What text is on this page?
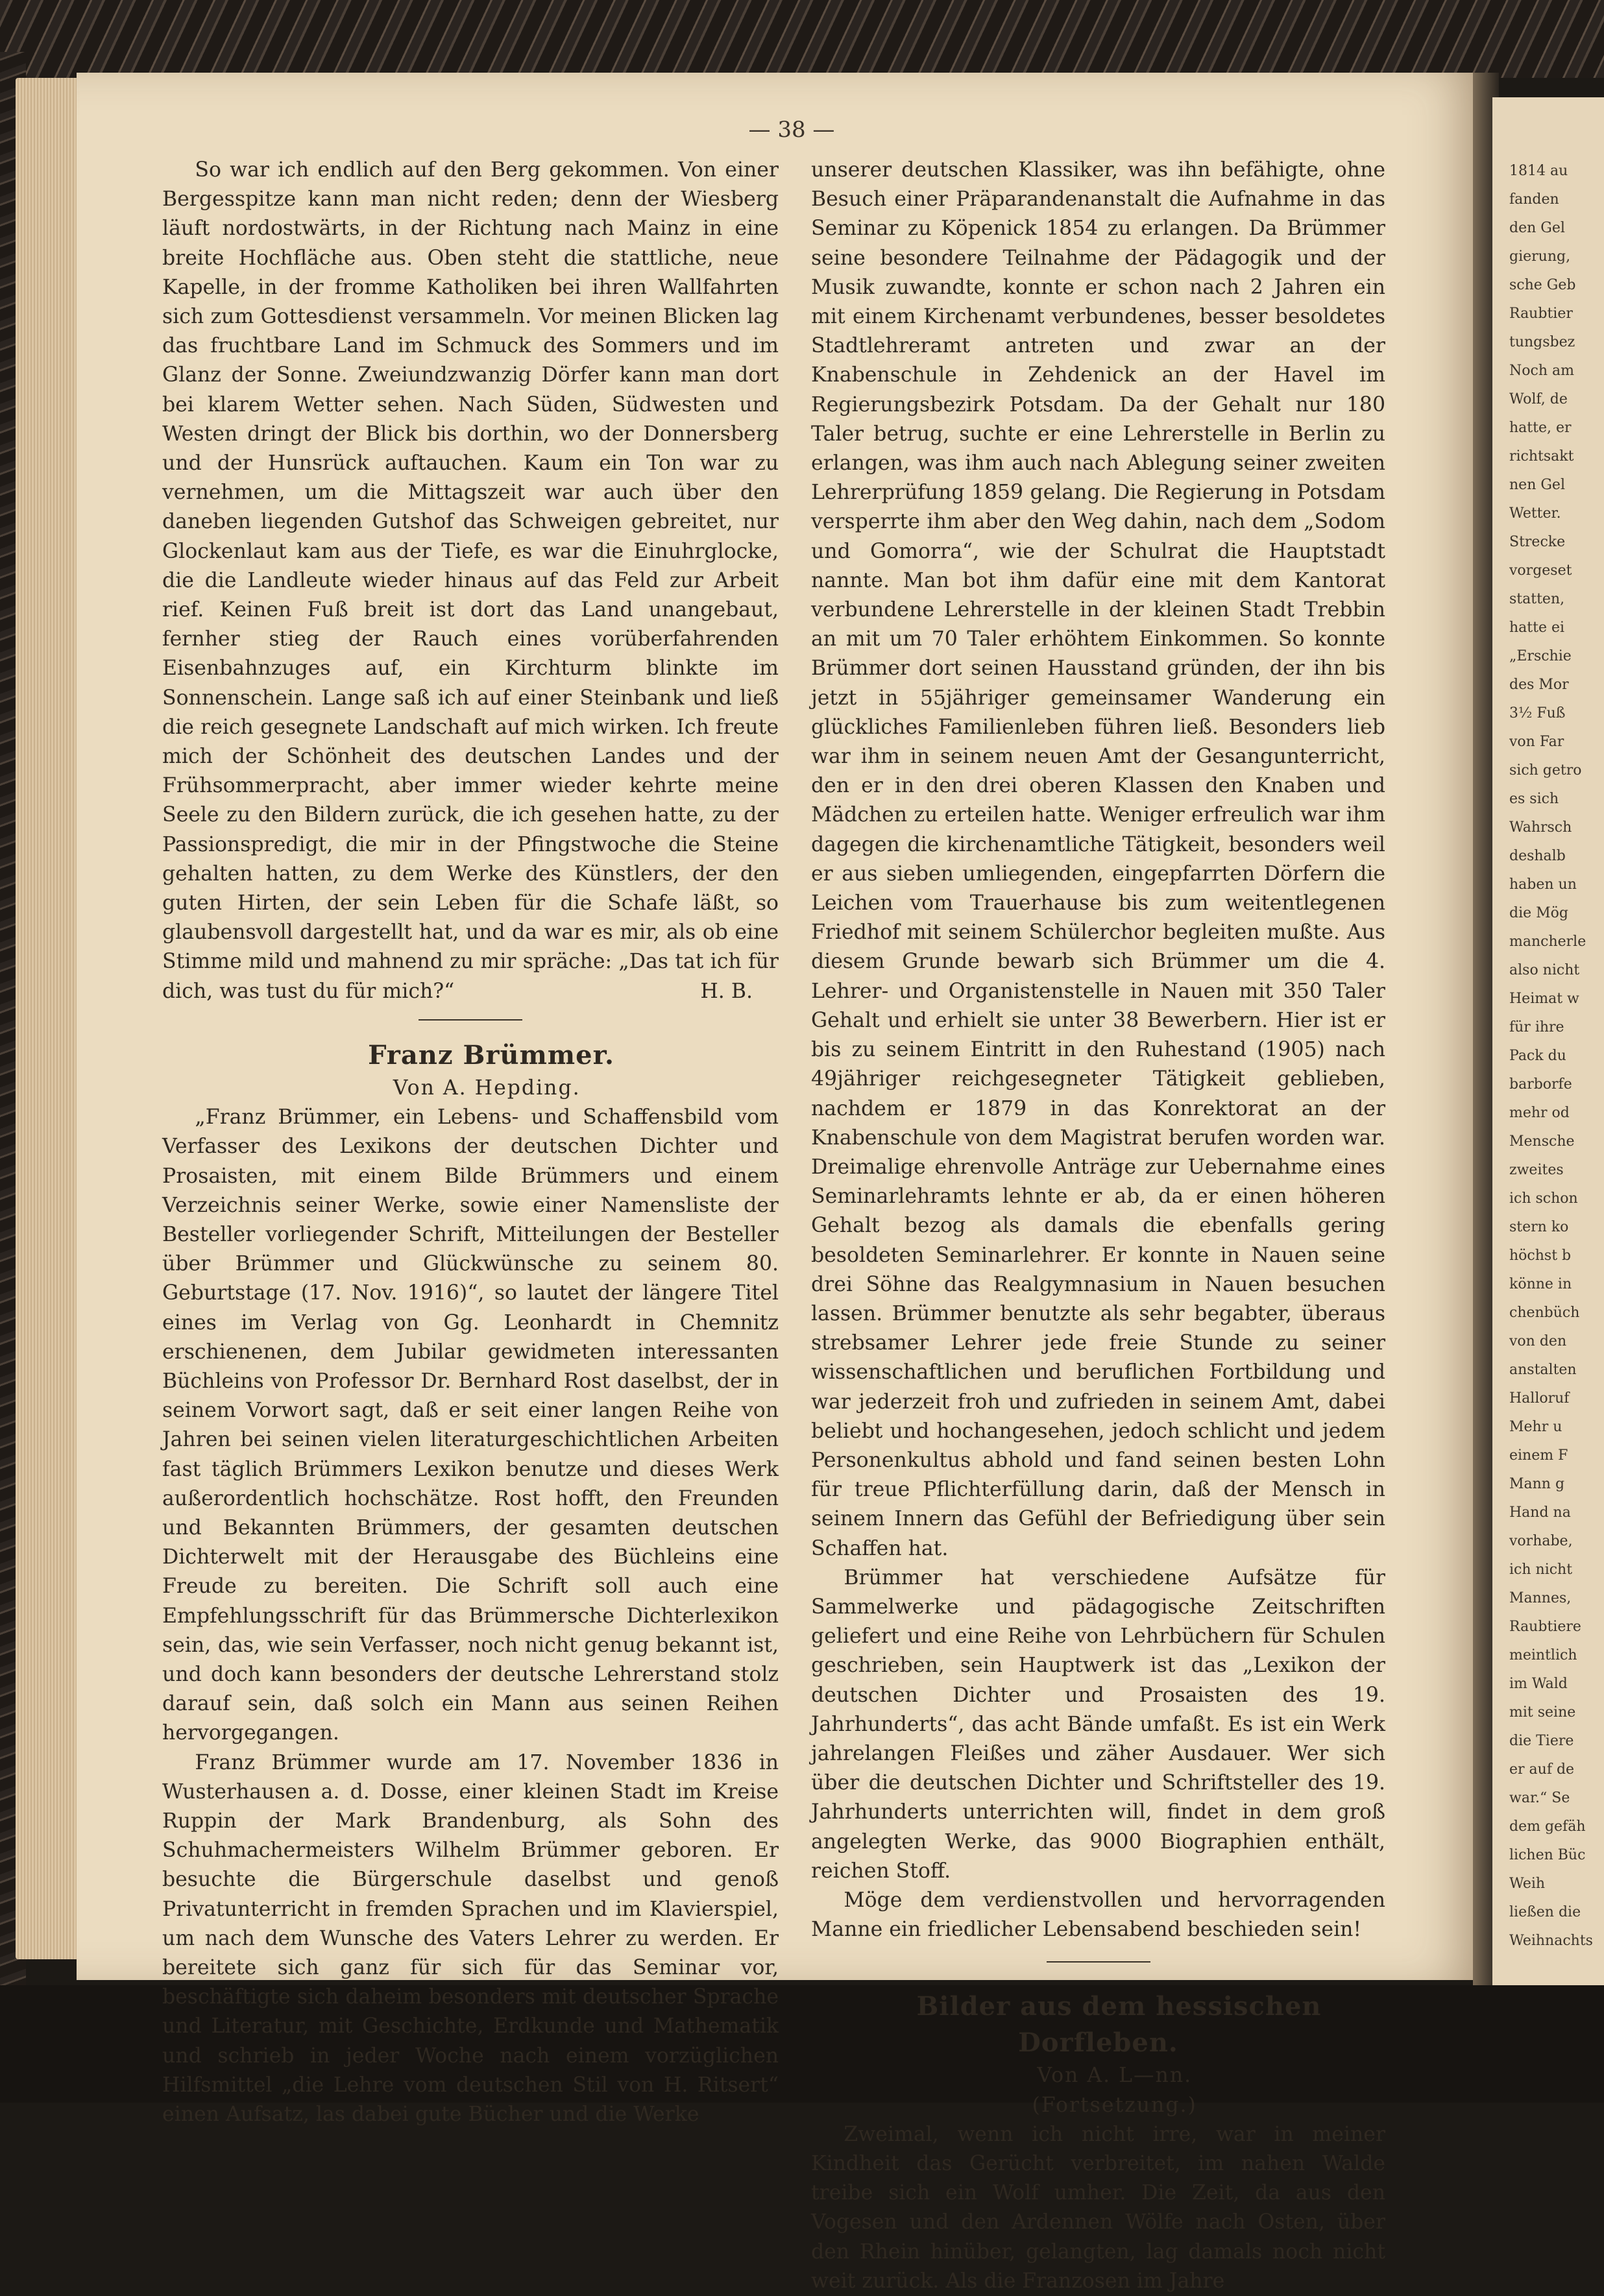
1814 au
fanden
den Gel
gierung,
sche Geb
Raubtier
tungsbez
Noch am
Wolf, de
hatte, er
richtsakt
nen Gel
Wetter.
Strecke
vorgeset
statten,
hatte ei
„Erschie
des Mor
3½ Fuß
von Far
sich getro
es sich
Wahrsch
deshalb
haben un
die Mög
mancherle
also nicht
Heimat w
für ihre
Pack du
barborfe
mehr od
Mensche
zweites
ich schon
stern ko
höchst b
könne in
chenbüch
von den
anstalten
Halloruf
Mehr u
einem F
Mann g
Hand na
vorhabe,
ich nicht
Mannes,
Raubtiere
meintlich
im Wald
mit seine
die Tiere
er auf de
war.“ Se
dem gefäh
lichen Büc
Weih
ließen die
Weihnachts
— 38 —

So war ich endlich auf den Berg gekommen. Von einer Bergesspitze kann man nicht reden; denn der Wiesberg läuft nordostwärts, in der Richtung nach Mainz in eine breite Hochfläche aus. Oben steht die stattliche, neue Kapelle, in der fromme Katholiken bei ihren Wallfahrten sich zum Gottesdienst versammeln. Vor meinen Blicken lag das fruchtbare Land im Schmuck des Sommers und im Glanz der Sonne. Zweiundzwanzig Dörfer kann man dort bei klarem Wetter sehen. Nach Süden, Südwesten und Westen dringt der Blick bis dorthin, wo der Donnersberg und der Hunsrück auftauchen. Kaum ein Ton war zu vernehmen, um die Mittagszeit war auch über den daneben liegenden Gutshof das Schweigen gebreitet, nur Glockenlaut kam aus der Tiefe, es war die Einuhrglocke, die die Landleute wieder hinaus auf das Feld zur Arbeit rief. Keinen Fuß breit ist dort das Land unangebaut, fernher stieg der Rauch eines vorüberfahrenden Eisenbahnzuges auf, ein Kirchturm blinkte im Sonnenschein. Lange saß ich auf einer Steinbank und ließ die reich gesegnete Landschaft auf mich wirken. Ich freute mich der Schönheit des deutschen Landes und der Frühsommerpracht, aber immer wieder kehrte meine Seele zu den Bildern zurück, die ich gesehen hatte, zu der Passionspredigt, die mir in der Pfingstwoche die Steine gehalten hatten, zu dem Werke des Künstlers, der den guten Hirten, der sein Leben für die Schafe läßt, so glaubensvoll dargestellt hat, und da war es mir, als ob eine Stimme mild und mahnend zu mir spräche: „Das tat ich für dich, was tust du für mich?“	H. B.

Franz Brümmer.

Von A. Hepding.

„Franz Brümmer, ein Lebens- und Schaffensbild vom Verfasser des Lexikons der deutschen Dichter und Prosaisten, mit einem Bilde Brümmers und einem Verzeichnis seiner Werke, sowie einer Namensliste der Besteller vorliegender Schrift, Mitteilungen der Besteller über Brümmer und Glückwünsche zu seinem 80. Geburtstage (17. Nov. 1916)“, so lautet der längere Titel eines im Verlag von Gg. Leonhardt in Chemnitz erschienenen, dem Jubilar gewidmeten interessanten Büchleins von Professor Dr. Bernhard Rost daselbst, der in seinem Vorwort sagt, daß er seit einer langen Reihe von Jahren bei seinen vielen literaturgeschichtlichen Arbeiten fast täglich Brümmers Lexikon benutze und dieses Werk außerordentlich hochschätze. Rost hofft, den Freunden und Bekannten Brümmers, der gesamten deutschen Dichterwelt mit der Herausgabe des Büchleins eine Freude zu bereiten. Die Schrift soll auch eine Empfehlungsschrift für das Brümmersche Dichterlexikon sein, das, wie sein Verfasser, noch nicht genug bekannt ist, und doch kann besonders der deutsche Lehrerstand stolz darauf sein, daß solch ein Mann aus seinen Reihen hervorgegangen.

Franz Brümmer wurde am 17. November 1836 in Wusterhausen a. d. Dosse, einer kleinen Stadt im Kreise Ruppin der Mark Brandenburg, als Sohn des Schuhmachermeisters Wilhelm Brümmer geboren. Er besuchte die Bürgerschule daselbst und genoß Privatunterricht in fremden Sprachen und im Klavierspiel, um nach dem Wunsche des Vaters Lehrer zu werden. Er bereitete sich ganz für sich für das Seminar vor, beschäftigte sich daheim besonders mit deutscher Sprache und Literatur, mit Geschichte, Erdkunde und Mathematik und schrieb in jeder Woche nach einem vorzüglichen Hilfsmittel „die Lehre vom deutschen Stil von H. Ritsert“ einen Aufsatz, las dabei gute Bücher und die Werke

unserer deutschen Klassiker, was ihn befähigte, ohne Besuch einer Präparandenanstalt die Aufnahme in das Seminar zu Köpenick 1854 zu erlangen. Da Brümmer seine besondere Teilnahme der Pädagogik und der Musik zuwandte, konnte er schon nach 2 Jahren ein mit einem Kirchenamt verbundenes, besser besoldetes Stadtlehreramt antreten und zwar an der Knabenschule in Zehdenick an der Havel im Regierungsbezirk Potsdam. Da der Gehalt nur 180 Taler betrug, suchte er eine Lehrerstelle in Berlin zu erlangen, was ihm auch nach Ablegung seiner zweiten Lehrerprüfung 1859 gelang. Die Regierung in Potsdam versperrte ihm aber den Weg dahin, nach dem „Sodom und Gomorra“, wie der Schulrat die Hauptstadt nannte. Man bot ihm dafür eine mit dem Kantorat verbundene Lehrerstelle in der kleinen Stadt Trebbin an mit um 70 Taler erhöhtem Einkommen. So konnte Brümmer dort seinen Hausstand gründen, der ihn bis jetzt in 55jähriger gemeinsamer Wanderung ein glückliches Familienleben führen ließ. Besonders lieb war ihm in seinem neuen Amt der Gesangunterricht, den er in den drei oberen Klassen den Knaben und Mädchen zu erteilen hatte. Weniger erfreulich war ihm dagegen die kirchenamtliche Tätigkeit, besonders weil er aus sieben umliegenden, eingepfarrten Dörfern die Leichen vom Trauerhause bis zum weitentlegenen Friedhof mit seinem Schülerchor begleiten mußte. Aus diesem Grunde bewarb sich Brümmer um die 4. Lehrer- und Organistenstelle in Nauen mit 350 Taler Gehalt und erhielt sie unter 38 Bewerbern. Hier ist er bis zu seinem Eintritt in den Ruhestand (1905) nach 49jähriger reichgesegneter Tätigkeit geblieben, nachdem er 1879 in das Konrektorat an der Knabenschule von dem Magistrat berufen worden war. Dreimalige ehrenvolle Anträge zur Uebernahme eines Seminarlehramts lehnte er ab, da er einen höheren Gehalt bezog als damals die ebenfalls gering besoldeten Seminarlehrer. Er konnte in Nauen seine drei Söhne das Realgymnasium in Nauen besuchen lassen. Brümmer benutzte als sehr begabter, überaus strebsamer Lehrer jede freie Stunde zu seiner wissenschaftlichen und beruflichen Fortbildung und war jederzeit froh und zufrieden in seinem Amt, dabei beliebt und hochangesehen, jedoch schlicht und jedem Personenkultus abhold und fand seinen besten Lohn für treue Pflichterfüllung darin, daß der Mensch in seinem Innern das Gefühl der Befriedigung über sein Schaffen hat.

Brümmer hat verschiedene Aufsätze für Sammelwerke und pädagogische Zeitschriften geliefert und eine Reihe von Lehrbüchern für Schulen geschrieben, sein Hauptwerk ist das „Lexikon der deutschen Dichter und Prosaisten des 19. Jahrhunderts“, das acht Bände umfaßt. Es ist ein Werk jahrelangen Fleißes und zäher Ausdauer. Wer sich über die deutschen Dichter und Schriftsteller des 19. Jahrhunderts unterrichten will, findet in dem groß angelegten Werke, das 9000 Biographien enthält, reichen Stoff.

Möge dem verdienstvollen und hervorragenden Manne ein friedlicher Lebensabend beschieden sein!

Bilder aus dem hessischen Dorfleben.

Von A. L—nn.

(Fortsetzung.)

Zweimal, wenn ich nicht irre, war in meiner Kindheit das Gerücht verbreitet, im nahen Walde treibe sich ein Wolf umher. Die Zeit, da aus den Vogesen und den Ardennen Wölfe nach Osten, über den Rhein hinüber, gelangten, lag damals noch nicht weit zurück. Als die Franzosen im Jahre
